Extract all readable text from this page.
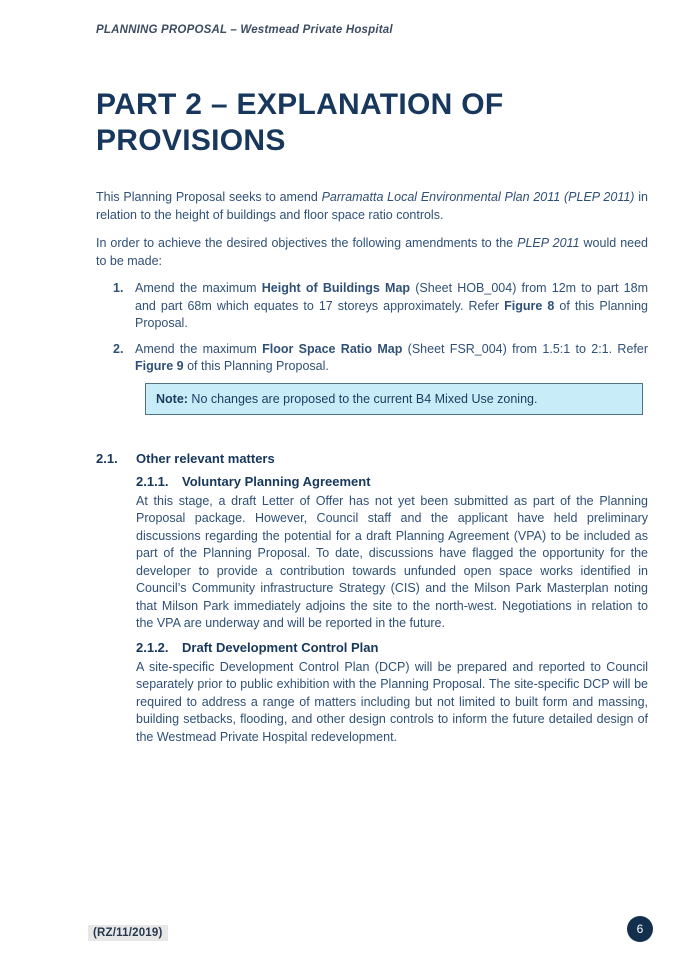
PLANNING PROPOSAL – Westmead Private Hospital
PART 2 – EXPLANATION OF PROVISIONS

This Planning Proposal seeks to amend Parramatta Local Environmental Plan 2011 (PLEP 2011) in relation to the height of buildings and floor space ratio controls.

In order to achieve the desired objectives the following amendments to the PLEP 2011 would need to be made:

1. Amend the maximum Height of Buildings Map (Sheet HOB_004) from 12m to part 18m and part 68m which equates to 17 storeys approximately. Refer Figure 8 of this Planning Proposal.
2. Amend the maximum Floor Space Ratio Map (Sheet FSR_004) from 1.5:1 to 2:1. Refer Figure 9 of this Planning Proposal.
Note: No changes are proposed to the current B4 Mixed Use zoning.
2.1.	Other relevant matters
2.1.1.	Voluntary Planning Agreement

At this stage, a draft Letter of Offer has not yet been submitted as part of the Planning Proposal package. However, Council staff and the applicant have held preliminary discussions regarding the potential for a draft Planning Agreement (VPA) to be included as part of the Planning Proposal. To date, discussions have flagged the opportunity for the developer to provide a contribution towards unfunded open space works identified in Council’s Community infrastructure Strategy (CIS) and the Milson Park Masterplan noting that Milson Park immediately adjoins the site to the north-west. Negotiations in relation to the VPA are underway and will be reported in the future.

2.1.2.	Draft Development Control Plan

A site-specific Development Control Plan (DCP) will be prepared and reported to Council separately prior to public exhibition with the Planning Proposal. The site-specific DCP will be required to address a range of matters including but not limited to built form and massing, building setbacks, flooding, and other design controls to inform the future detailed design of the Westmead Private Hospital redevelopment.

(RZ/11/2019)	6
